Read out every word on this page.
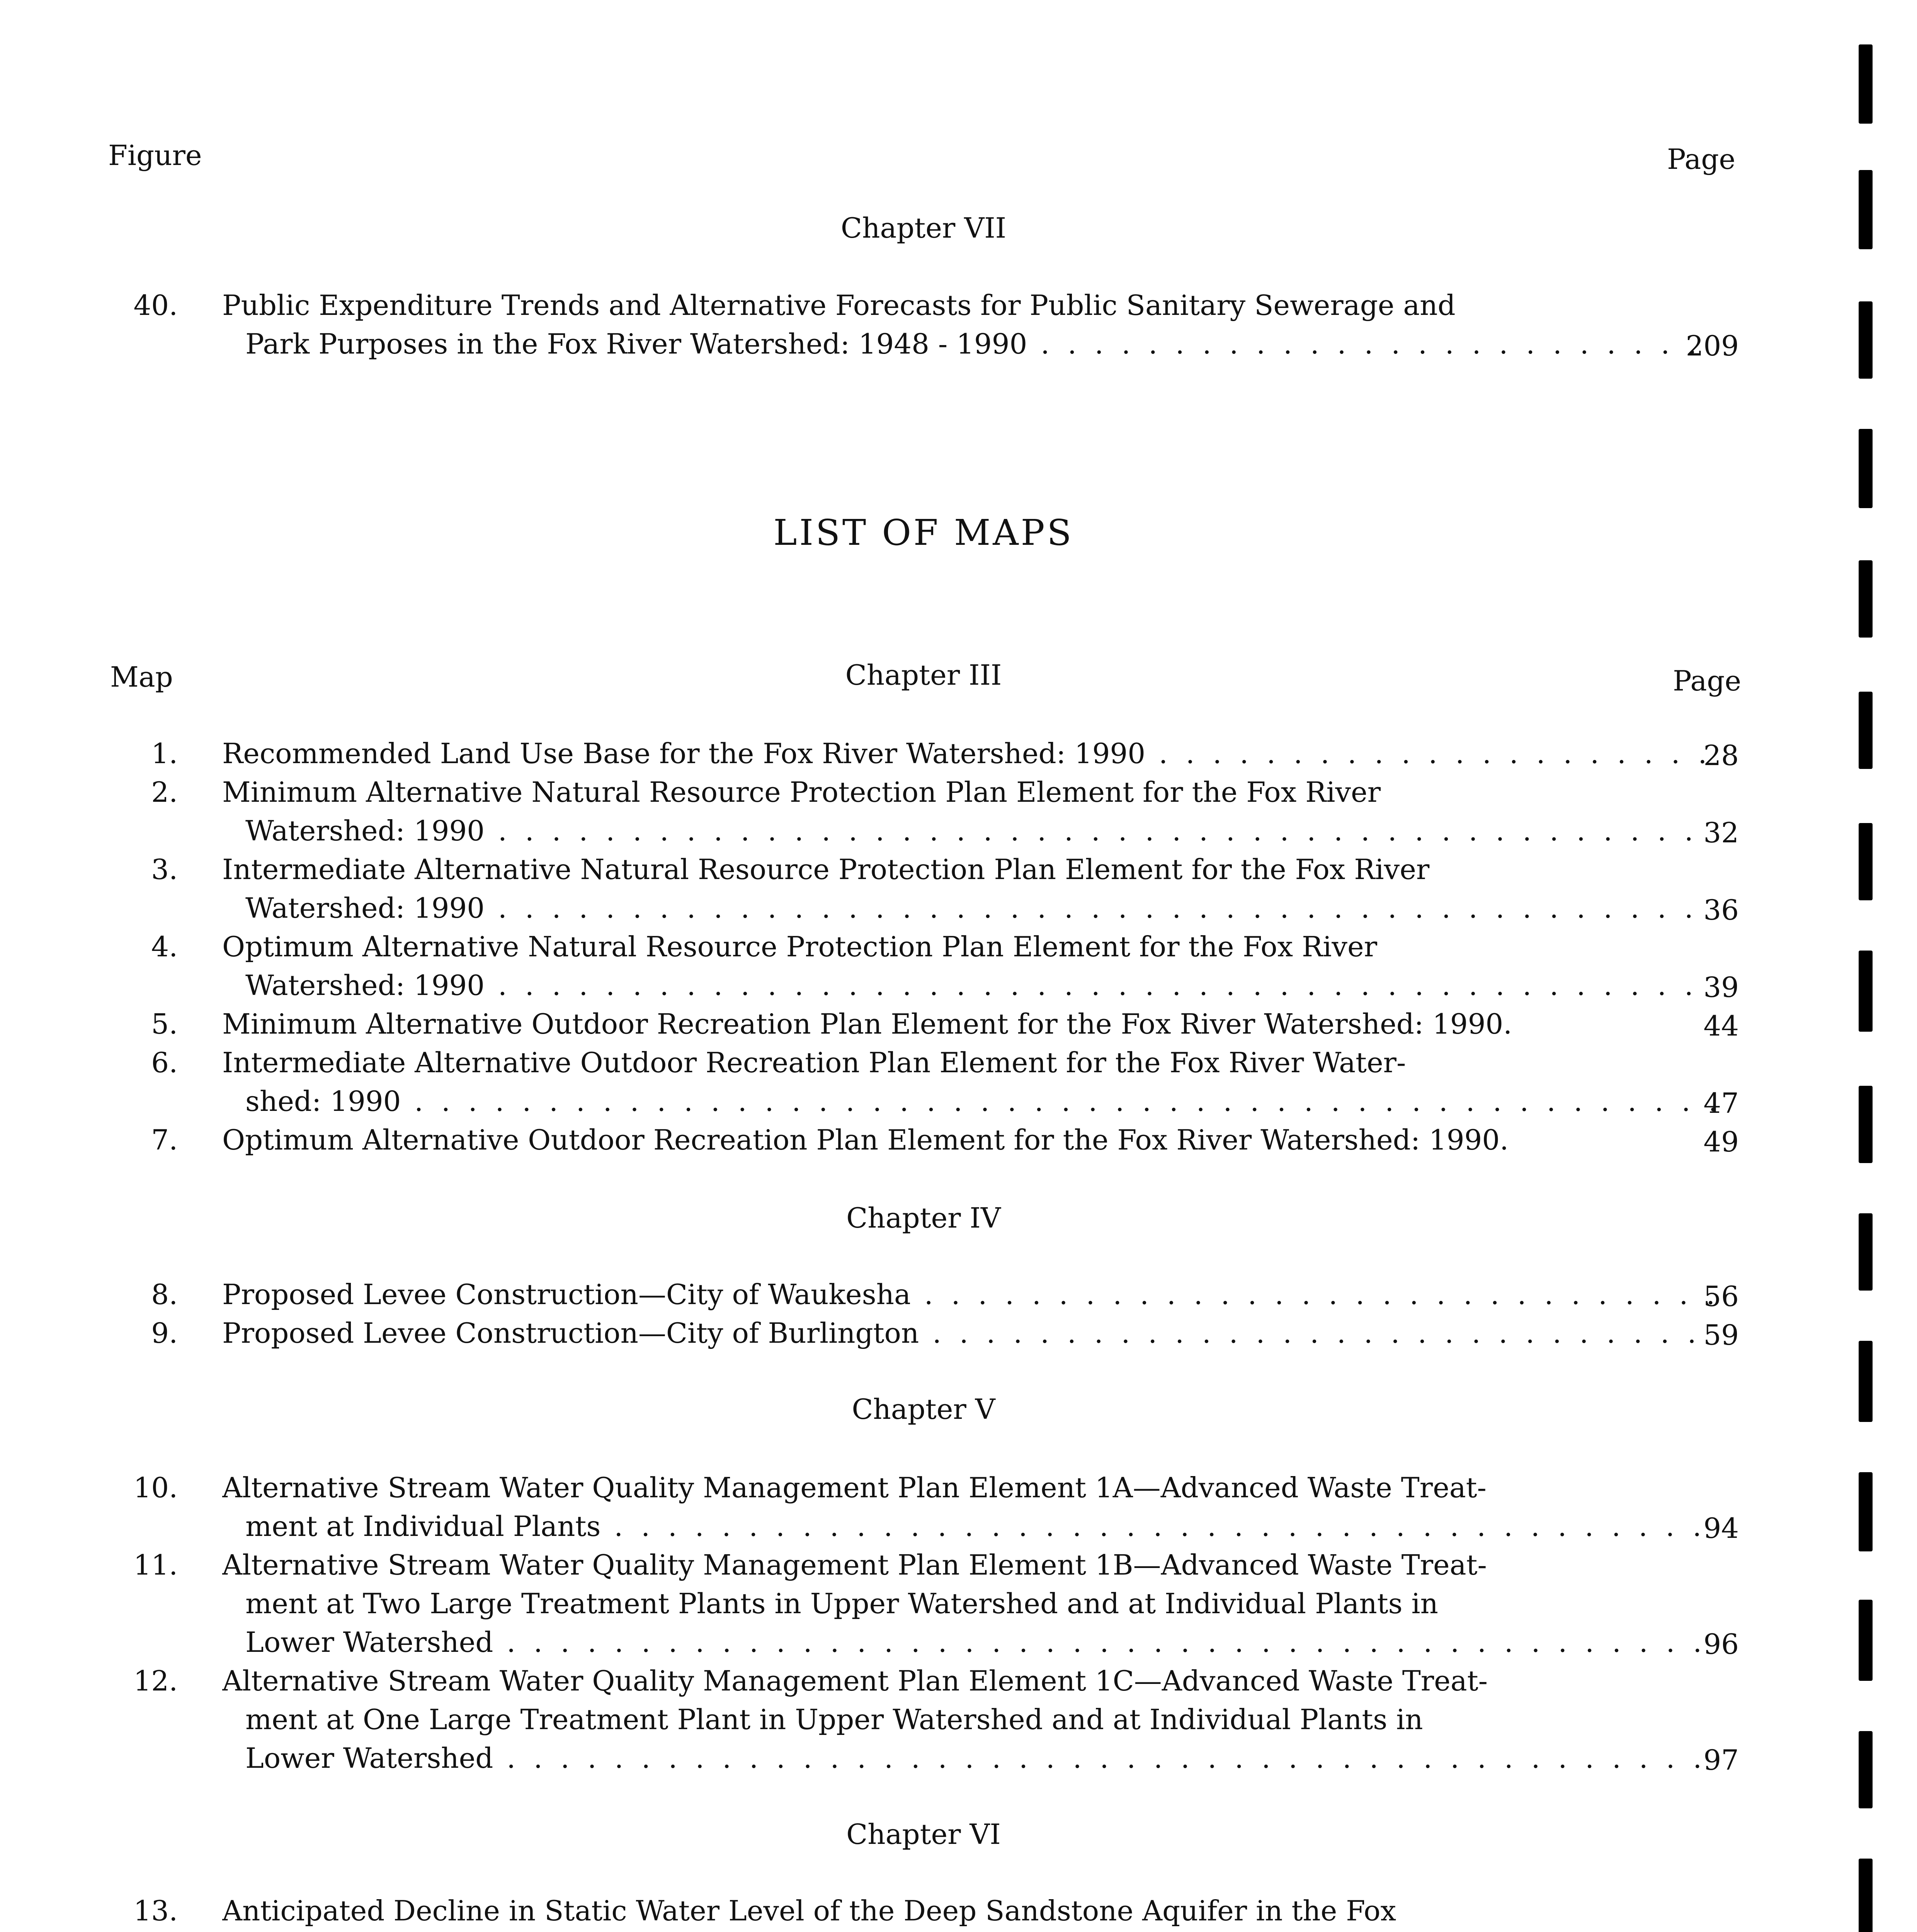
Figure	Page
Chapter VII
40. Public Expenditure Trends and Alternative Forecasts for Public Sanitary Sewerage and
Park Purposes in the Fox River Watershed: 1948 - 1990 . . .	209
LIST OF MAPS
Map	Page
Chapter III
1. Recommended Land Use Base for the Fox River Watershed: 1990 . . .	28
2. Minimum Alternative Natural Resource Protection Plan Element for the Fox River
Watershed: 1990 . . .	32
3. Intermediate Alternative Natural Resource Protection Plan Element for the Fox River
Watershed: 1990 . . .	36
4. Optimum Alternative Natural Resource Protection Plan Element for the Fox River
Watershed: 1990 . . .	39
5. Minimum Alternative Outdoor Recreation Plan Element for the Fox River Watershed: 1990.	44
6. Intermediate Alternative Outdoor Recreation Plan Element for the Fox River Water-
shed: 1990 . . .	47
7. Optimum Alternative Outdoor Recreation Plan Element for the Fox River Watershed: 1990.	49
Chapter IV
8. Proposed Levee Construction—City of Waukesha . . .	56
9. Proposed Levee Construction—City of Burlington . . .	59
Chapter V
10. Alternative Stream Water Quality Management Plan Element 1A—Advanced Waste Treat-
ment at Individual Plants . . .	94
11. Alternative Stream Water Quality Management Plan Element 1B—Advanced Waste Treat-
ment at Two Large Treatment Plants in Upper Watershed and at Individual Plants in
Lower Watershed . . .	96
12. Alternative Stream Water Quality Management Plan Element 1C—Advanced Waste Treat-
ment at One Large Treatment Plant in Upper Watershed and at Individual Plants in
Lower Watershed . . .	97
Chapter VI
13. Anticipated Decline in Static Water Level of the Deep Sandstone Aquifer in the Fox
. . .
